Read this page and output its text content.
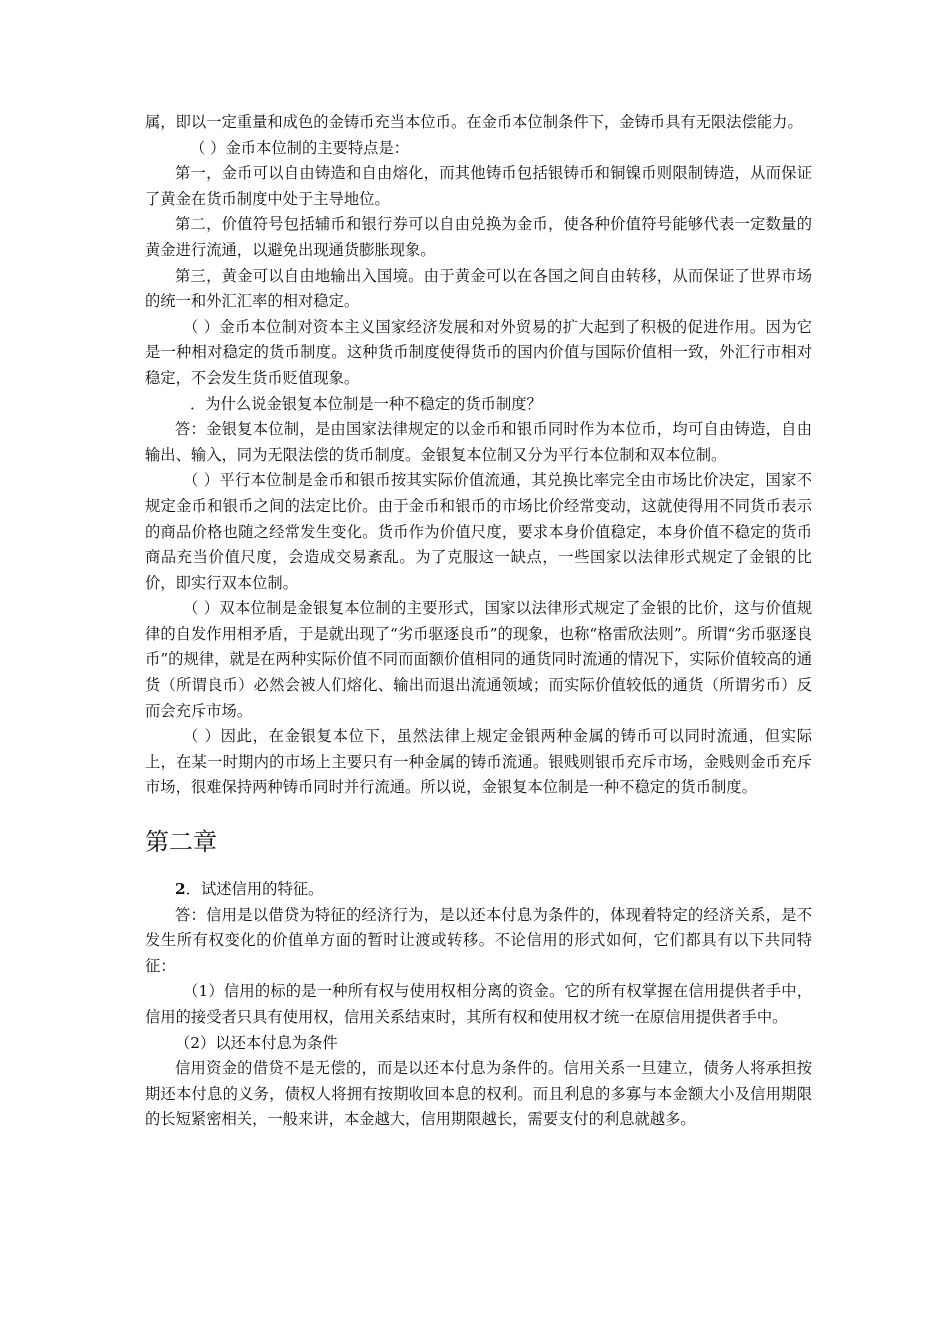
属，即以一定重量和成色的金铸币充当本位币。在金币本位制条件下，金铸币具有无限法偿能力。

（ ）金币本位制的主要特点是：

第一，金币可以自由铸造和自由熔化，而其他铸币包括银铸币和铜镍币则限制铸造，从而保证了黄金在货币制度中处于主导地位。

第二，价值符号包括辅币和银行券可以自由兑换为金币，使各种价值符号能够代表一定数量的黄金进行流通，以避免出现通货膨胀现象。

第三，黄金可以自由地输出入国境。由于黄金可以在各国之间自由转移，从而保证了世界市场的统一和外汇汇率的相对稳定。

（ ）金币本位制对资本主义国家经济发展和对外贸易的扩大起到了积极的促进作用。因为它是一种相对稳定的货币制度。这种货币制度使得货币的国内价值与国际价值相一致，外汇行市相对稳定，不会发生货币贬值现象。

．为什么说金银复本位制是一种不稳定的货币制度？

答：金银复本位制，是由国家法律规定的以金币和银币同时作为本位币，均可自由铸造，自由输出、输入，同为无限法偿的货币制度。金银复本位制又分为平行本位制和双本位制。

（ ）平行本位制是金币和银币按其实际价值流通，其兑换比率完全由市场比价决定，国家不规定金币和银币之间的法定比价。由于金币和银币的市场比价经常变动，这就使得用不同货币表示的商品价格也随之经常发生变化。货币作为价值尺度，要求本身价值稳定，本身价值不稳定的货币商品充当价值尺度，会造成交易紊乱。为了克服这一缺点，一些国家以法律形式规定了金银的比价，即实行双本位制。

（ ）双本位制是金银复本位制的主要形式，国家以法律形式规定了金银的比价，这与价值规律的自发作用相矛盾，于是就出现了“劣币驱逐良币”的现象，也称“格雷欣法则”。所谓“劣币驱逐良币”的规律，就是在两种实际价值不同而面额价值相同的通货同时流通的情况下，实际价值较高的通货（所谓良币）必然会被人们熔化、输出而退出流通领域；而实际价值较低的通货（所谓劣币）反而会充斥市场。

（ ）因此，在金银复本位下，虽然法律上规定金银两种金属的铸币可以同时流通，但实际上，在某一时期内的市场上主要只有一种金属的铸币流通。银贱则银币充斥市场，金贱则金币充斥市场，很难保持两种铸币同时并行流通。所以说，金银复本位制是一种不稳定的货币制度。

第二章

2．试述信用的特征。

答：信用是以借贷为特征的经济行为，是以还本付息为条件的，体现着特定的经济关系，是不发生所有权变化的价值单方面的暂时让渡或转移。不论信用的形式如何，它们都具有以下共同特征：

（1）信用的标的是一种所有权与使用权相分离的资金。它的所有权掌握在信用提供者手中，信用的接受者只具有使用权，信用关系结束时，其所有权和使用权才统一在原信用提供者手中。

（2）以还本付息为条件

信用资金的借贷不是无偿的，而是以还本付息为条件的。信用关系一旦建立，债务人将承担按期还本付息的义务，债权人将拥有按期收回本息的权利。而且利息的多寡与本金额大小及信用期限的长短紧密相关，一般来讲，本金越大，信用期限越长，需要支付的利息就越多。
